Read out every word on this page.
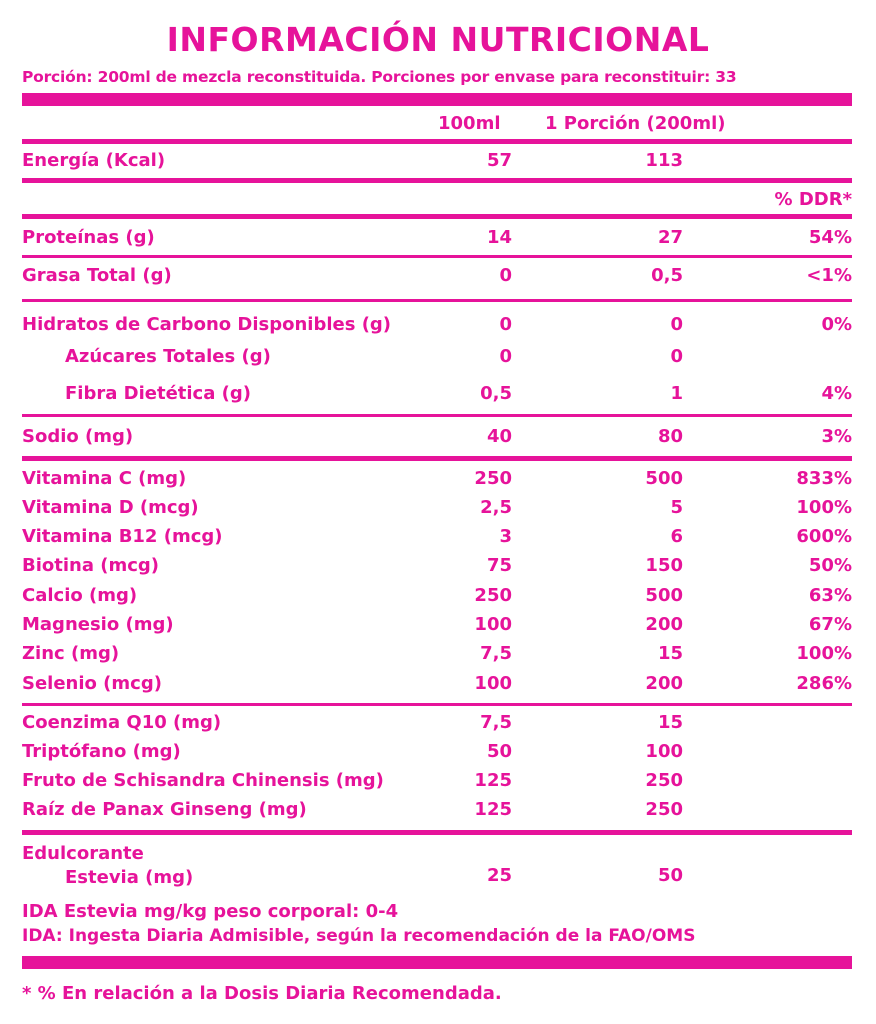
INFORMACIÓN NUTRICIONAL
Porción: 200ml de mezcla reconstituida. Porciones por envase para reconstituir: 33
100ml 1 Porción (200ml)
Energía (Kcal)	57	113
% DDR*
Proteínas (g)	14	27	54%
Grasa Total (g)	0	0,5	<1%
Hidratos de Carbono Disponibles (g)	0	0	0%
Azúcares Totales (g)	0	0
Fibra Dietética (g)	0,5	1	4%
Sodio (mg)	40	80	3%
Vitamina C (mg)	250	500	833%
Vitamina D (mcg)	2,5	5	100%
Vitamina B12 (mcg)	3	6	600%
Biotina (mcg)	75	150	50%
Calcio (mg)	250	500	63%
Magnesio (mg)	100	200	67%
Zinc (mg)	7,5	15	100%
Selenio (mcg)	100	200	286%
Coenzima Q10 (mg)	7,5	15
Triptófano (mg)	50	100
Fruto de Schisandra Chinensis (mg)	125	250
Raíz de Panax Ginseng (mg)	125	250
Edulcorante
Estevia (mg)	25	50
IDA Estevia mg/kg peso corporal: 0-4
IDA: Ingesta Diaria Admisible, según la recomendación de la FAO/OMS
* % En relación a la Dosis Diaria Recomendada.
